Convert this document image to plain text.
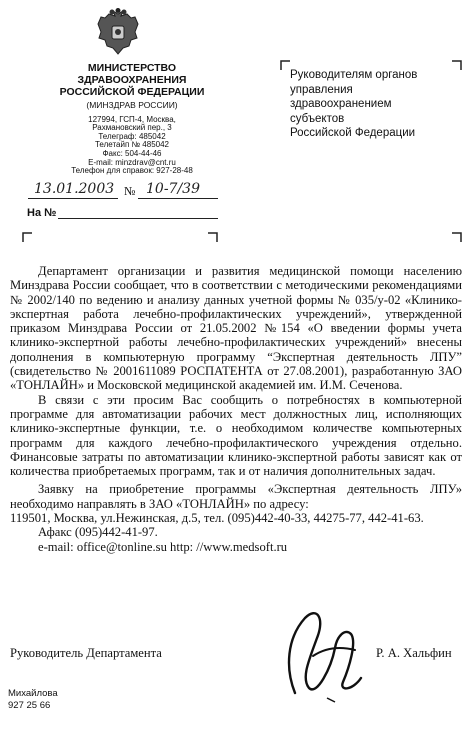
МИНИСТЕРСТВО
ЗДРАВООХРАНЕНИЯ
РОССИЙСКОЙ ФЕДЕРАЦИИ
(МИНЗДРАВ РОССИИ)
127994, ГСП-4, Москва,
Рахмановский пер., 3
Телеграф: 485042
Телетайп № 485042
Факс: 504-44-46
E-mail: minzdrav@cnt.ru
Телефон для справок: 927-28-48
13.01.2003 № 10-7/39
На №
Руководителям органов
управления
здравоохранением
субъектов
Российской Федерации

Департамент организации и развития медицинской помощи населению Минздрава России сообщает, что в соответствии с методическими рекомендациями № 2002/140 по ведению и анализу данных учетной формы № 035/у-02 «Клинико-экспертная работа лечебно-профилактических учреждений», утвержденной приказом Минздрава России от 21.05.2002 №154 «О введении формы учета клинико-экспертной работы лечебно-профилактических учреждений» внесены дополнения в компьютерную программу “Экспертная деятельность ЛПУ” (свидетельство № 2001611089 РОСПАТЕНТА от 27.08.2001), разработанную ЗАО «ТОНЛАЙН» и Московской медицинской академией им. И.М. Сеченова.

В связи с эти просим Вас сообщить о потребностях в компьютерной программе для автоматизации рабочих мест должностных лиц, исполняющих клинико-экспертные функции, т.е. о необходимом количестве компьютерных программ для каждого лечебно-профилактического учреждения отдельно. Финансовые затраты по автоматизации клинико-экспертной работы зависят как от количества приобретаемых программ, так и от наличия дополнительных задач.

Заявку на приобретение программы «Экспертная деятельность ЛПУ» необходимо направлять в ЗАО «ТОНЛАЙН» по адресу:

119501, Москва, ул.Нежинская, д.5, тел. (095)442-40-33, 44275-77, 442-41-63.

Афакс (095)442-41-97.

e-mail: office@tonline.su http: //www.medsoft.ru

Руководитель Департамента	Р. А. Хальфин
Михайлова
927 25 66
